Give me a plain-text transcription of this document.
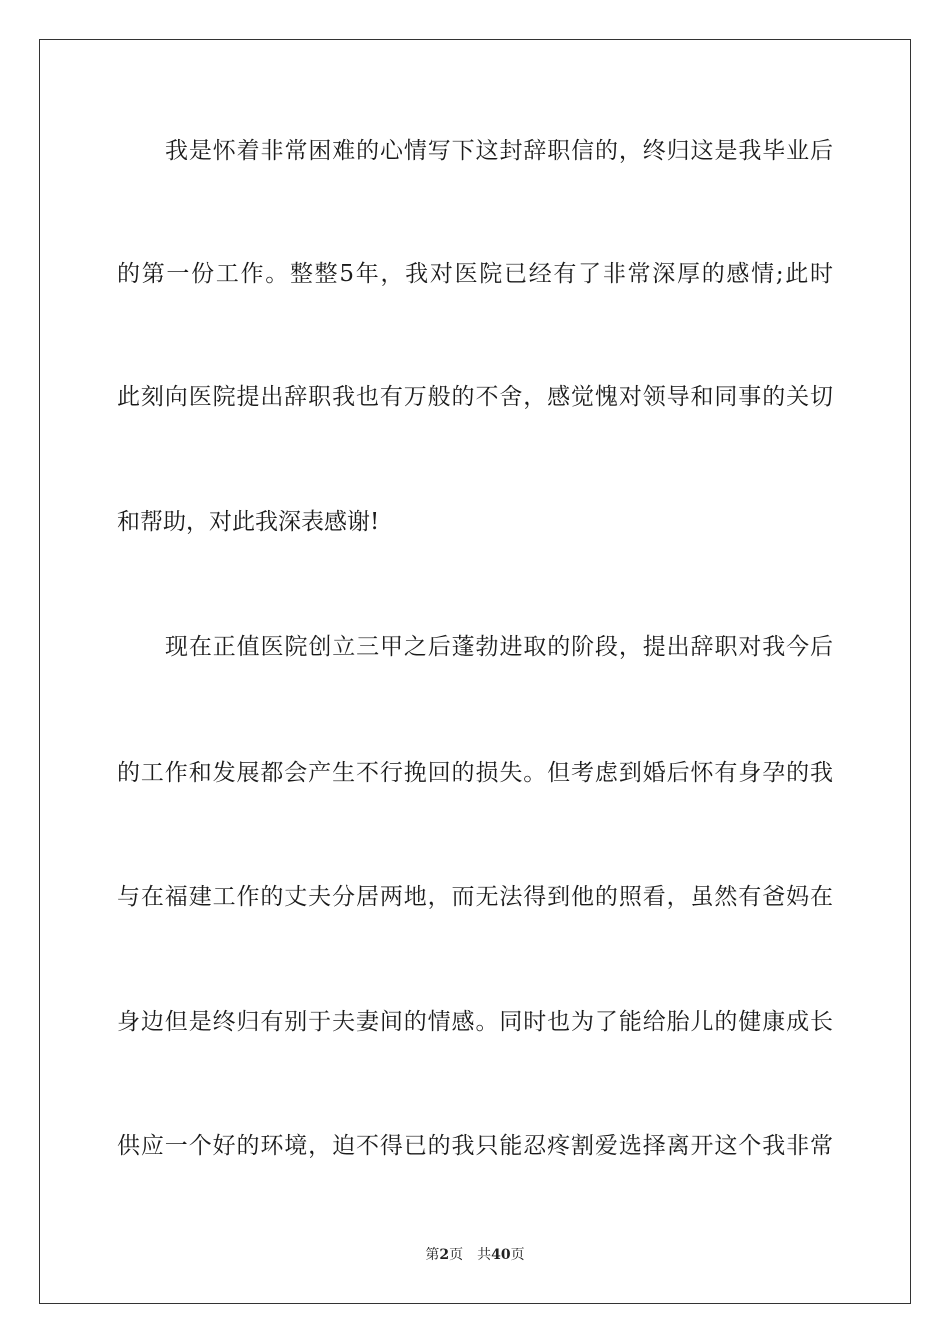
我是怀着非常困难的心情写下这封辞职信的，终归这是我毕业后
的第一份工作。整整5年，我对医院已经有了非常深厚的感情;此时
此刻向医院提出辞职我也有万般的不舍，感觉愧对领导和同事的关切
和帮助，对此我深表感谢!
现在正值医院创立三甲之后蓬勃进取的阶段，提出辞职对我今后
的工作和发展都会产生不行挽回的损失。但考虑到婚后怀有身孕的我
与在福建工作的丈夫分居两地，而无法得到他的照看，虽然有爸妈在
身边但是终归有别于夫妻间的情感。同时也为了能给胎儿的健康成长
供应一个好的环境，迫不得已的我只能忍疼割爱选择离开这个我非常
第2页 共40页
